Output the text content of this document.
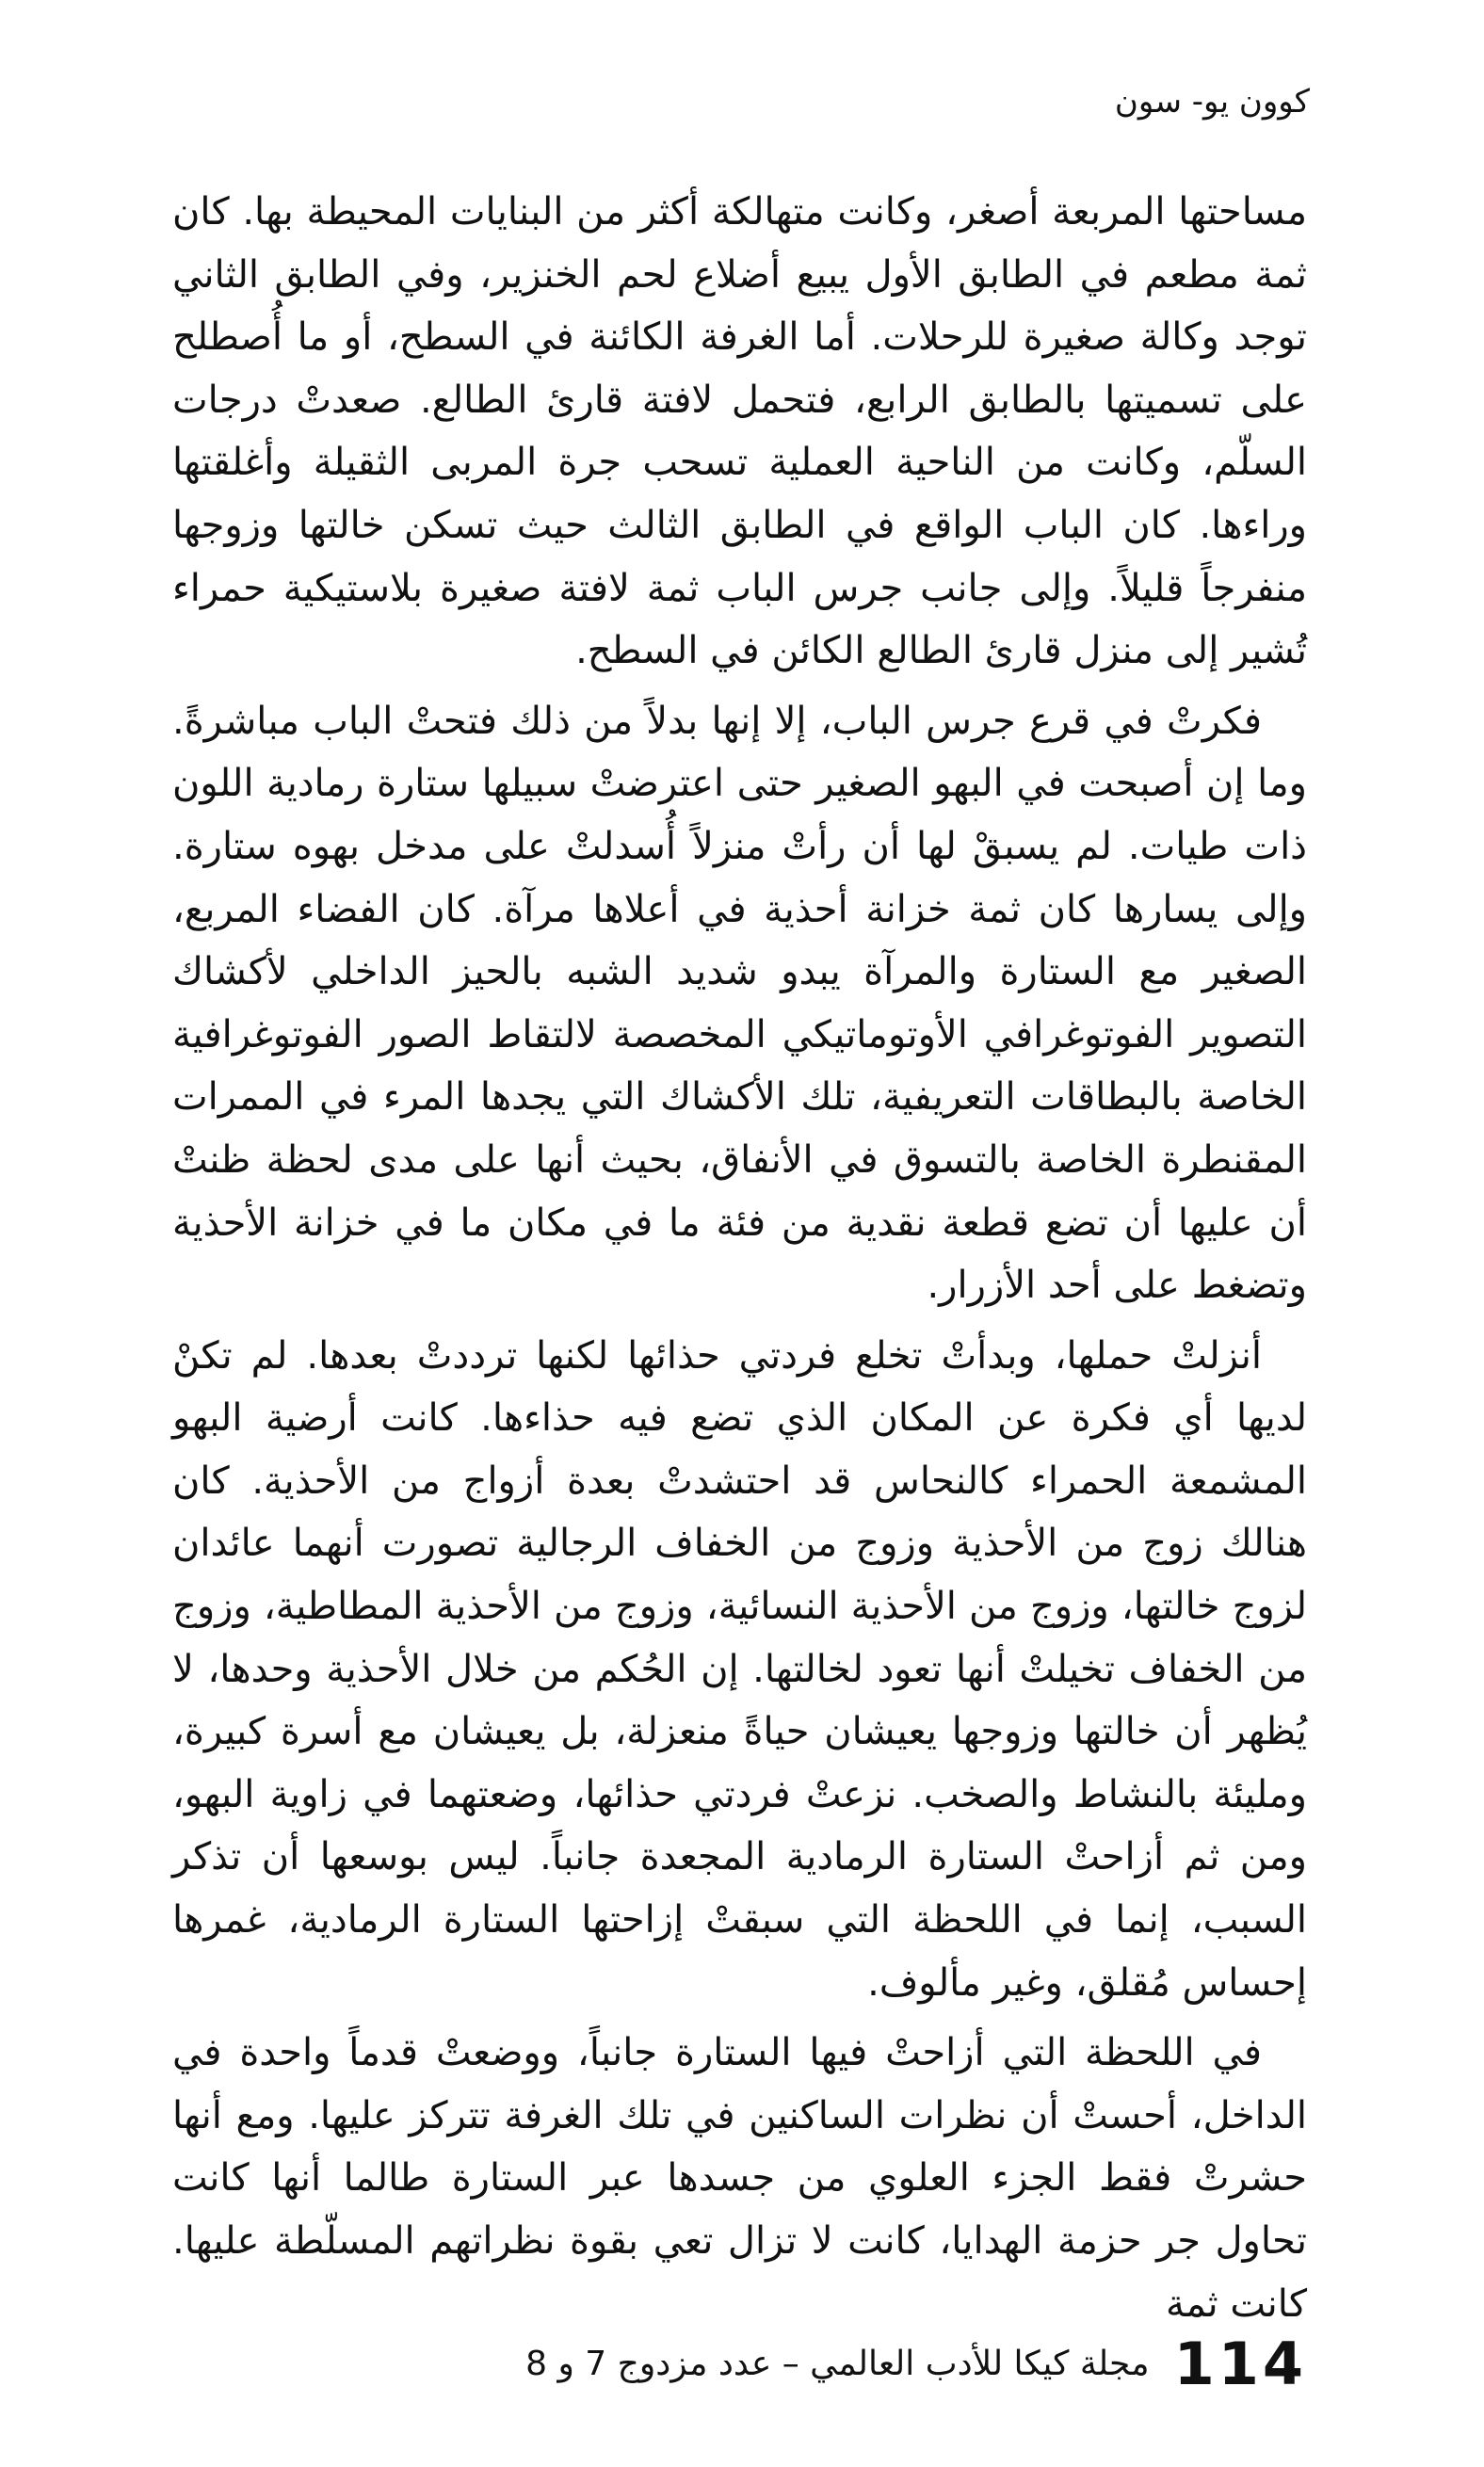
كوون يو- سون

مساحتها المربعة أصغر، وكانت متهالكة أكثر من البنايات المحيطة بها. كان ثمة مطعم في الطابق الأول يبيع أضلاع لحم الخنزير، وفي الطابق الثاني توجد وكالة صغيرة للرحلات. أما الغرفة الكائنة في السطح، أو ما أُصطلح على تسميتها بالطابق الرابع، فتحمل لافتة قارئ الطالع. صعدتْ درجات السلّم، وكانت من الناحية العملية تسحب جرة المربى الثقيلة وأغلقتها وراءها. كان الباب الواقع في الطابق الثالث حيث تسكن خالتها وزوجها منفرجاً قليلاً. وإلى جانب جرس الباب ثمة لافتة صغيرة بلاستيكية حمراء تُشير إلى منزل قارئ الطالع الكائن في السطح.

فكرتْ في قرع جرس الباب، إلا إنها بدلاً من ذلك فتحتْ الباب مباشرةً. وما إن أصبحت في البهو الصغير حتى اعترضتْ سبيلها ستارة رمادية اللون ذات طيات. لم يسبقْ لها أن رأتْ منزلاً أُسدلتْ على مدخل بهوه ستارة. وإلى يسارها كان ثمة خزانة أحذية في أعلاها مرآة. كان الفضاء المربع، الصغير مع الستارة والمرآة يبدو شديد الشبه بالحيز الداخلي لأكشاك التصوير الفوتوغرافي الأوتوماتيكي المخصصة لالتقاط الصور الفوتوغرافية الخاصة بالبطاقات التعريفية، تلك الأكشاك التي يجدها المرء في الممرات المقنطرة الخاصة بالتسوق في الأنفاق، بحيث أنها على مدى لحظة ظنتْ أن عليها أن تضع قطعة نقدية من فئة ما في مكان ما في خزانة الأحذية وتضغط على أحد الأزرار.

أنزلتْ حملها، وبدأتْ تخلع فردتي حذائها لكنها ترددتْ بعدها. لم تكنْ لديها أي فكرة عن المكان الذي تضع فيه حذاءها. كانت أرضية البهو المشمعة الحمراء كالنحاس قد احتشدتْ بعدة أزواج من الأحذية. كان هنالك زوج من الأحذية وزوج من الخفاف الرجالية تصورت أنهما عائدان لزوج خالتها، وزوج من الأحذية النسائية، وزوج من الأحذية المطاطية، وزوج من الخفاف تخيلتْ أنها تعود لخالتها. إن الحُكم من خلال الأحذية وحدها، لا يُظهر أن خالتها وزوجها يعيشان حياةً منعزلة، بل يعيشان مع أسرة كبيرة، ومليئة بالنشاط والصخب. نزعتْ فردتي حذائها، وضعتهما في زاوية البهو، ومن ثم أزاحتْ الستارة الرمادية المجعدة جانباً. ليس بوسعها أن تذكر السبب، إنما في اللحظة التي سبقتْ إزاحتها الستارة الرمادية، غمرها إحساس مُقلق، وغير مألوف.

في اللحظة التي أزاحتْ فيها الستارة جانباً، ووضعتْ قدماً واحدة في الداخل، أحستْ أن نظرات الساكنين في تلك الغرفة تتركز عليها. ومع أنها حشرتْ فقط الجزء العلوي من جسدها عبر الستارة طالما أنها كانت تحاول جر حزمة الهدايا، كانت لا تزال تعي بقوة نظراتهم المسلّطة عليها. كانت ثمة

114
مجلة كيكا للأدب العالمي – عدد مزدوج 7 و 8
